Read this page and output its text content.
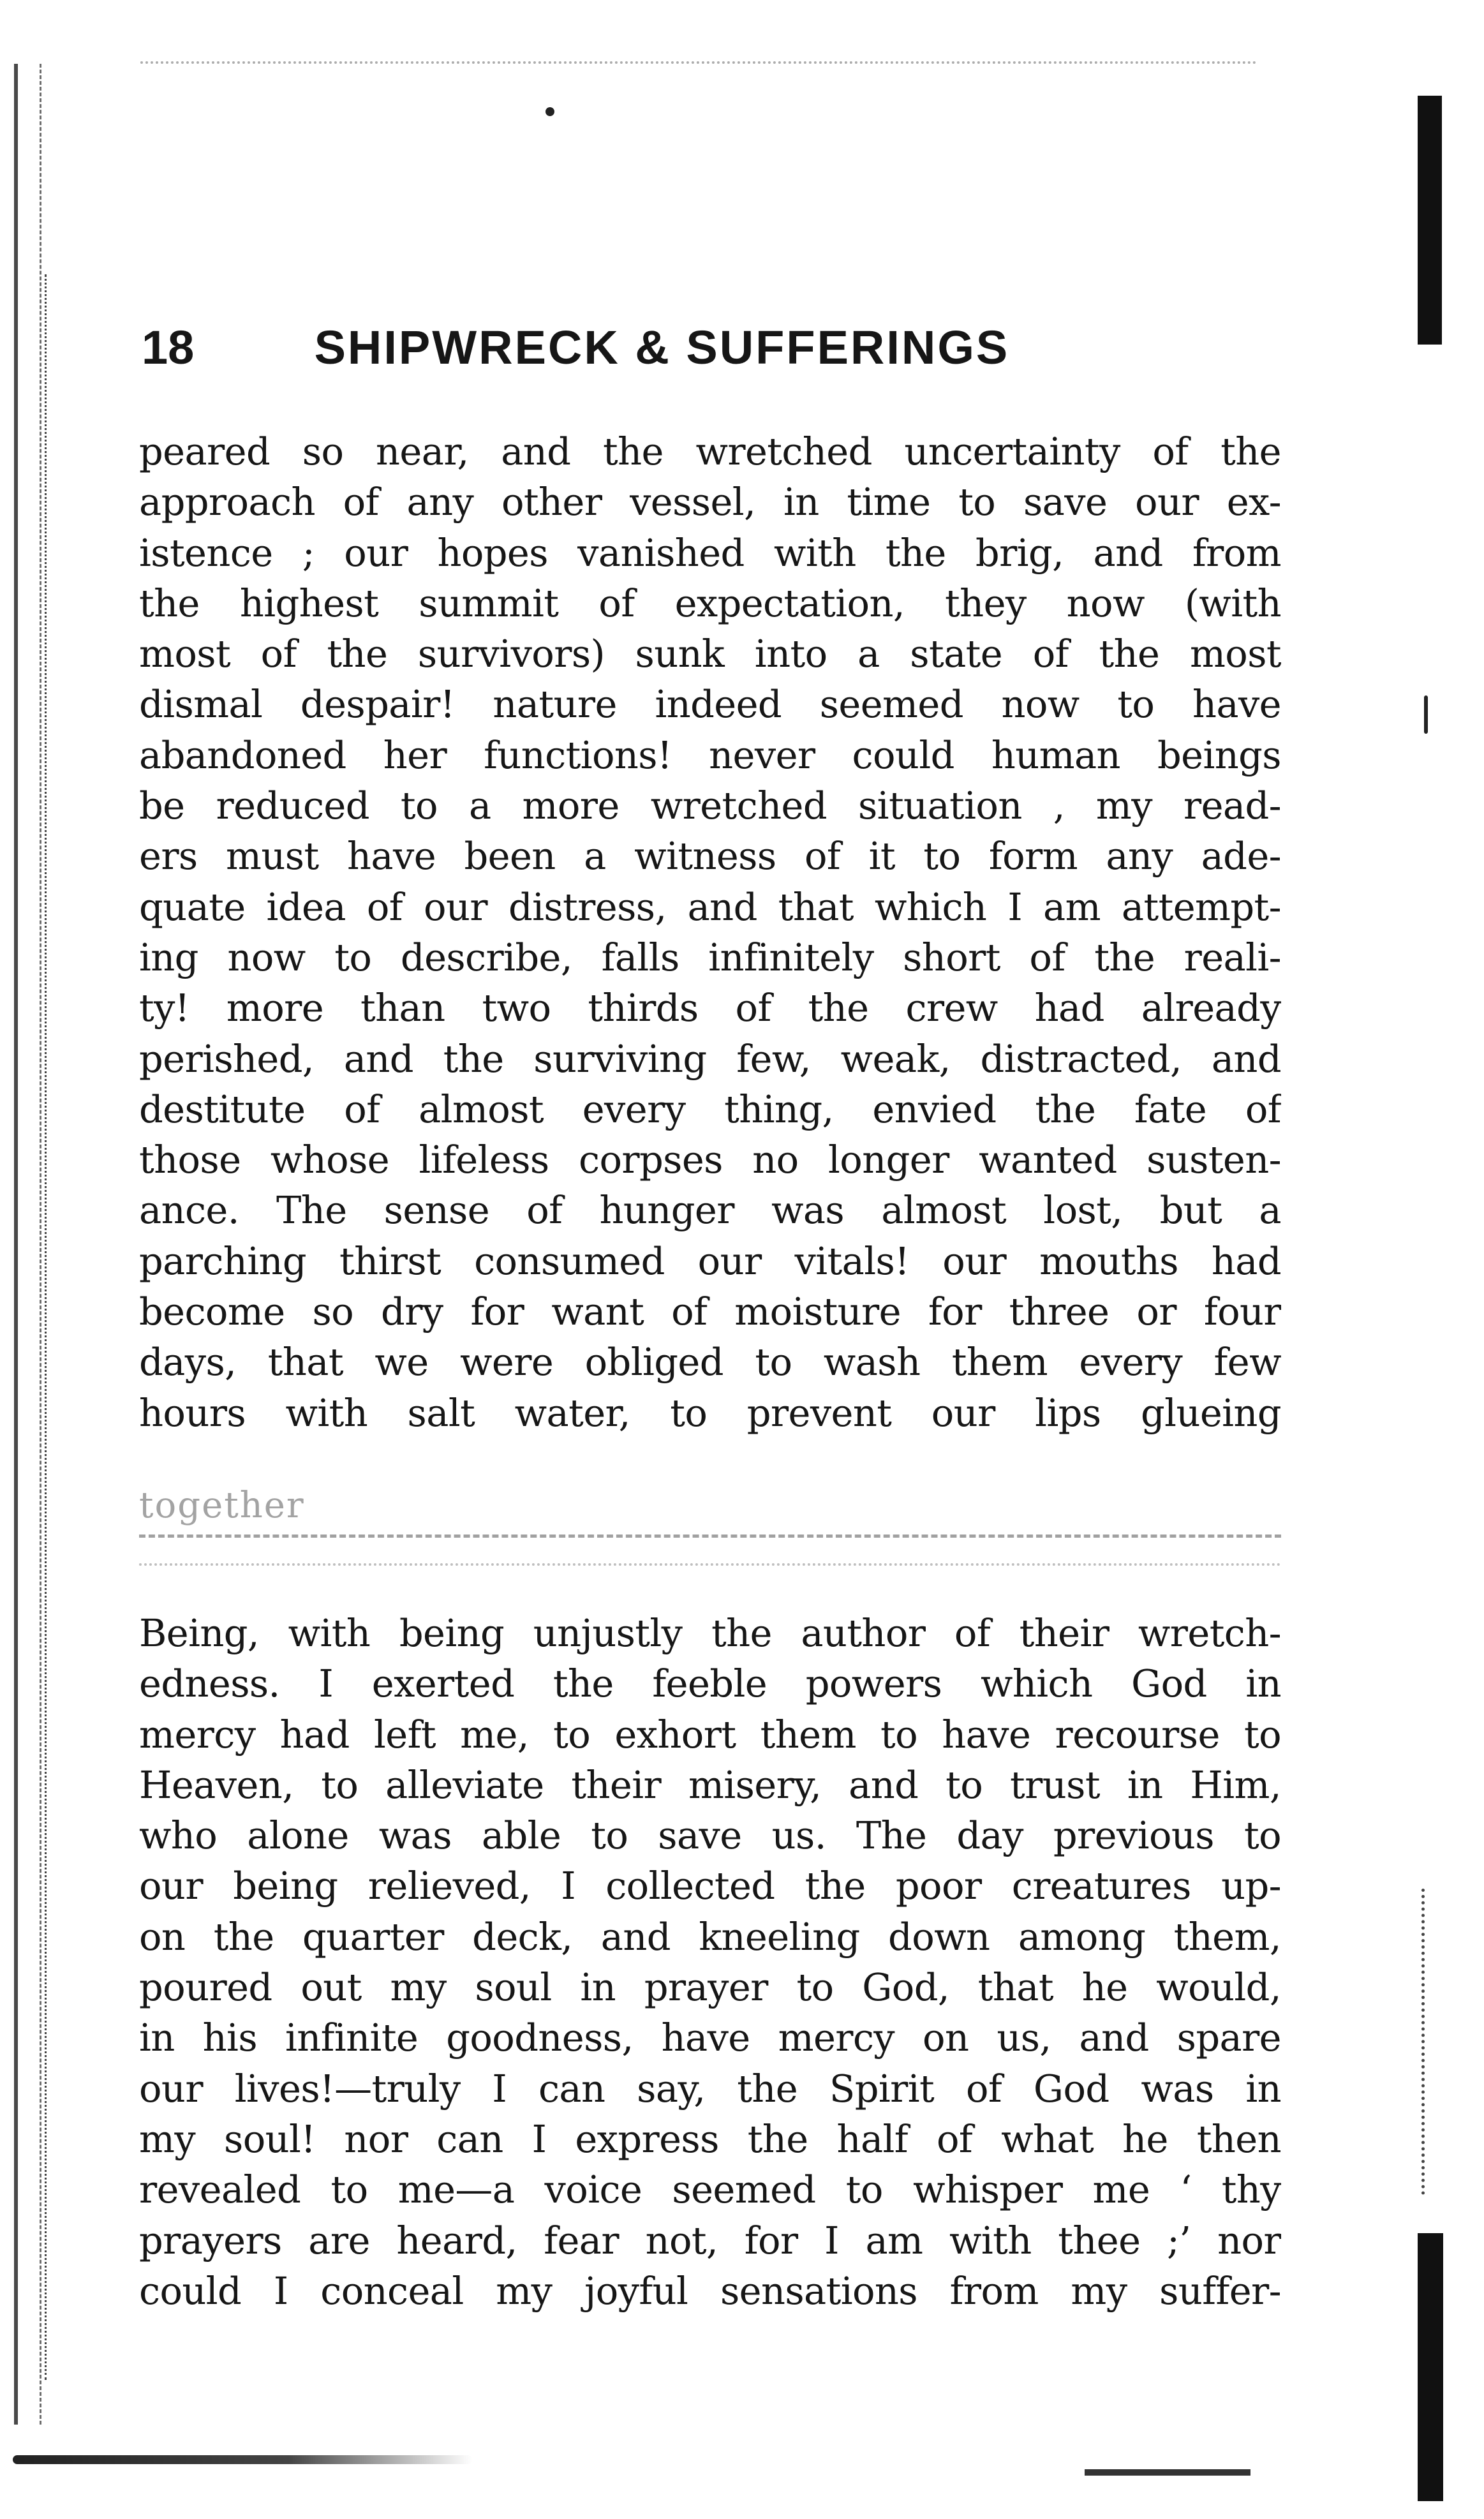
18	SHIPWRECK & SUFFERINGS
peared so near, and the wretched uncertainty of the
approach of any other vessel, in time to save our ex-
istence ; our hopes vanished with the brig, and from
the highest summit of expectation, they now (with
most of the survivors) sunk into a state of the most
dismal despair! nature indeed seemed now to have
abandoned her functions! never could human beings
be reduced to a more wretched situation , my read-
ers must have been a witness of it to form any ade-
quate idea of our distress, and that which I am attempt-
ing now to describe, falls infinitely short of the reali-
ty! more than two thirds of the crew had already
perished, and the surviving few, weak, distracted, and
destitute of almost every thing, envied the fate of
those whose lifeless corpses no longer wanted susten-
ance. The sense of hunger was almost lost, but a
parching thirst consumed our vitals! our mouths had
become so dry for want of moisture for three or four
days, that we were obliged to wash them every few
hours with salt water, to prevent our lips glueing
together
Being, with being unjustly the author of their wretch-
edness. I exerted the feeble powers which God in
mercy had left me, to exhort them to have recourse to
Heaven, to alleviate their misery, and to trust in Him,
who alone was able to save us. The day previous to
our being relieved, I collected the poor creatures up-
on the quarter deck, and kneeling down among them,
poured out my soul in prayer to God, that he would,
in his infinite goodness, have mercy on us, and spare
our lives!—truly I can say, the Spirit of God was in
my soul! nor can I express the half of what he then
revealed to me—a voice seemed to whisper me ‘ thy
prayers are heard, fear not, for I am with thee ;’ nor
could I conceal my joyful sensations from my suffer-
